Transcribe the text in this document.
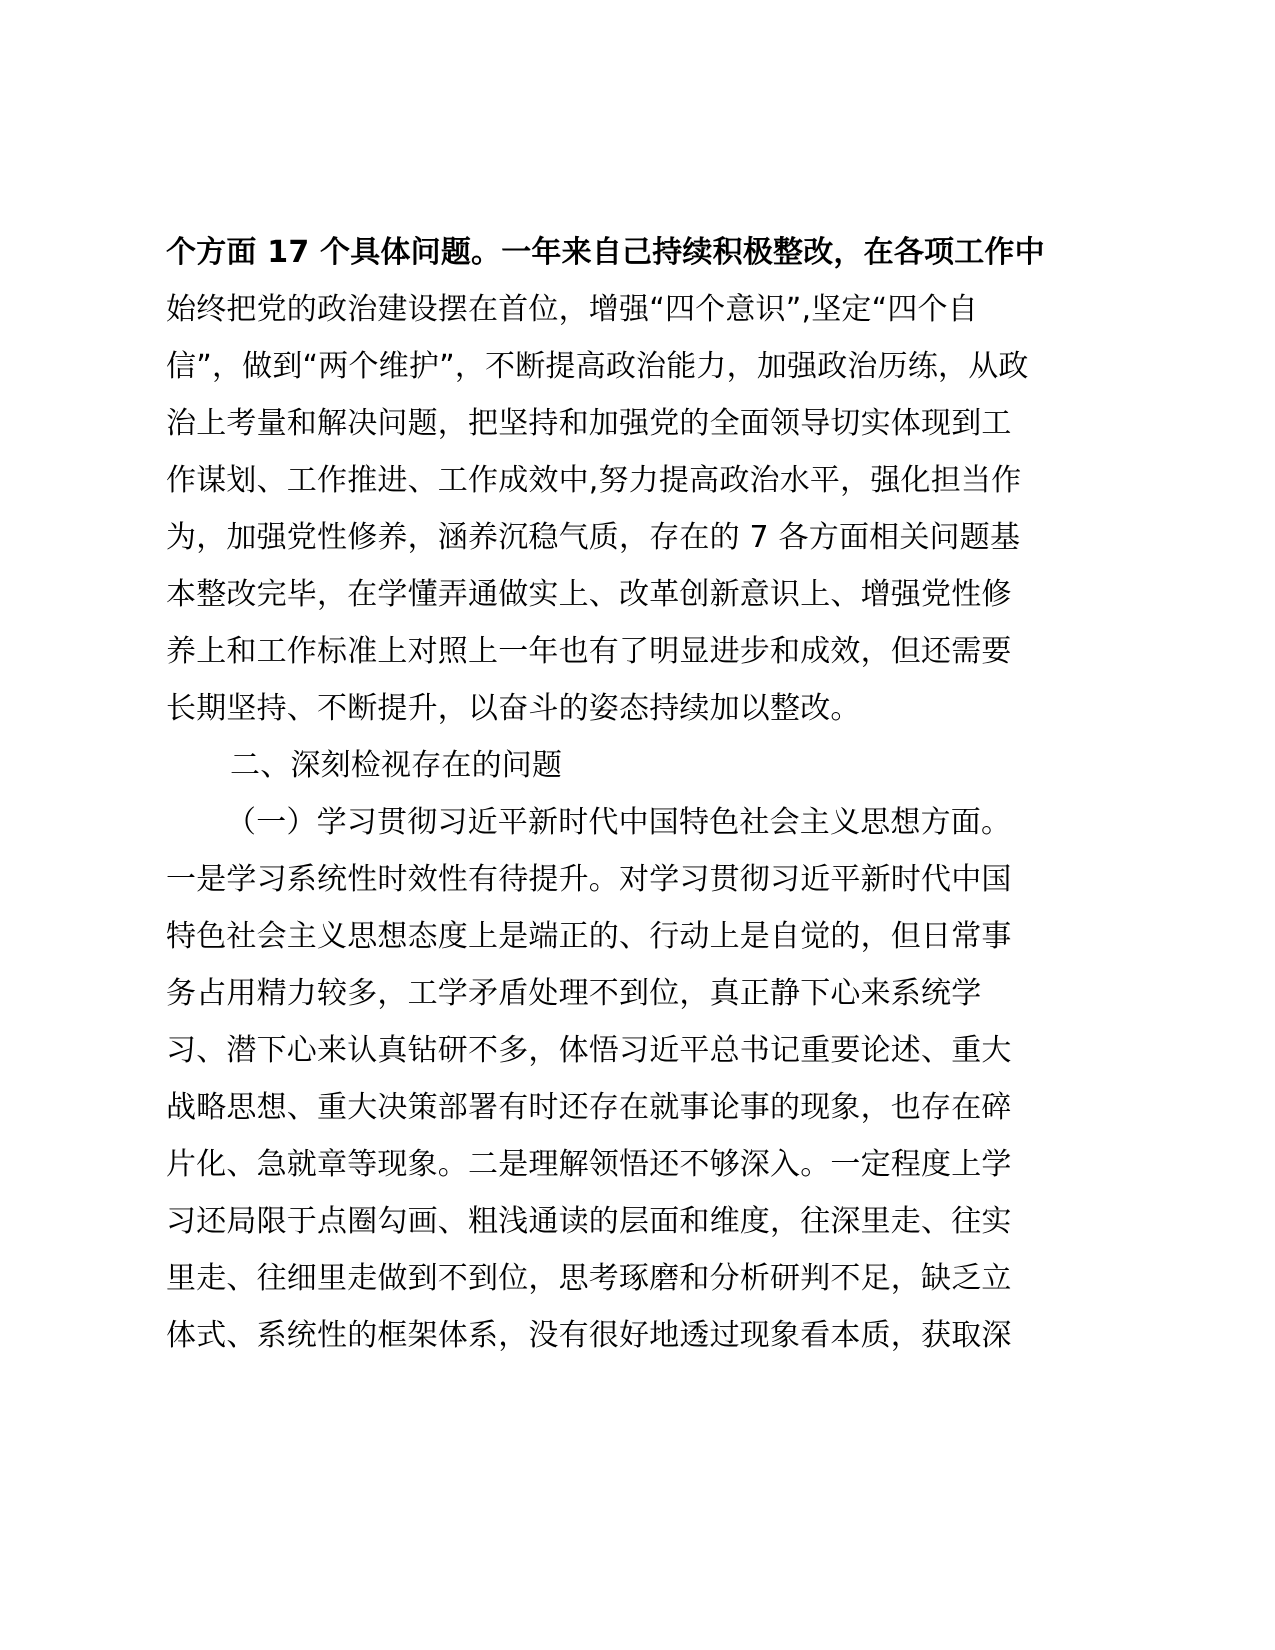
个方面 17 个具体问题。一年来自己持续积极整改，在各项工作中
始终把党的政治建设摆在首位，增强“四个意识”,坚定“四个自
信”，做到“两个维护”，不断提高政治能力，加强政治历练，从政
治上考量和解决问题，把坚持和加强党的全面领导切实体现到工
作谋划、工作推进、工作成效中,努力提高政治水平，强化担当作
为，加强党性修养，涵养沉稳气质，存在的 7 各方面相关问题基
本整改完毕，在学懂弄通做实上、改革创新意识上、增强党性修
养上和工作标准上对照上一年也有了明显进步和成效，但还需要
长期坚持、不断提升，以奋斗的姿态持续加以整改。
二、深刻检视存在的问题
（一）学习贯彻习近平新时代中国特色社会主义思想方面。
一是学习系统性时效性有待提升。对学习贯彻习近平新时代中国
特色社会主义思想态度上是端正的、行动上是自觉的，但日常事
务占用精力较多，工学矛盾处理不到位，真正静下心来系统学
习、潜下心来认真钻研不多，体悟习近平总书记重要论述、重大
战略思想、重大决策部署有时还存在就事论事的现象，也存在碎
片化、急就章等现象。二是理解领悟还不够深入。一定程度上学
习还局限于点圈勾画、粗浅通读的层面和维度，往深里走、往实
里走、往细里走做到不到位，思考琢磨和分析研判不足，缺乏立
体式、系统性的框架体系，没有很好地透过现象看本质，获取深
